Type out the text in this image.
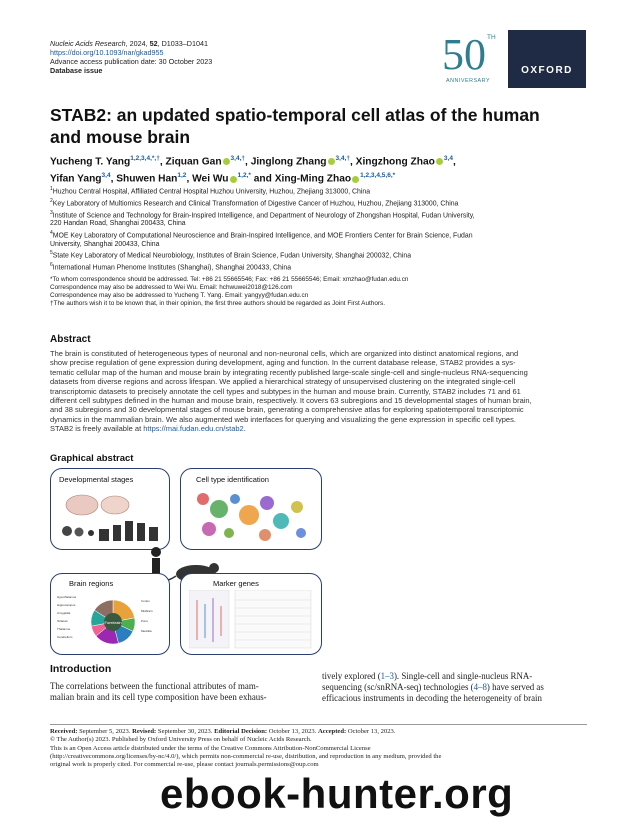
Nucleic Acids Research, 2024, 52, D1033–D1041
https://doi.org/10.1093/nar/gkad955
Advance access publication date: 30 October 2023
Database issue	50 TH
ANNIVERSARY
OXFORD
STAB2: an updated spatio-temporal cell atlas of the human
and mouse brain
Yucheng T. Yang$^{1,2,3,4,*,\dagger}$, Ziquan Gan $^{3,4,\dagger}$, Jinglong Zhang $^{3,4,\dagger}$, Xingzhong Zhao $^{3,4}$,
Yifan Yang$^{3,4}$, Shuwen Han$^{1,2}$, Wei Wu $^{1,2,*}$ and Xing-Ming Zhao $^{1,2,3,4,5,6,*}$
$^1$Huzhou Central Hospital, Affiliated Central Hospital Huzhou University, Huzhou, Zhejiang 313000, China
$^2$Key Laboratory of Multiomics Research and Clinical Transformation of Digestive Cancer of Huzhou, Huzhou, Zhejiang 313000, China
$^3$Institute of Science and Technology for Brain-Inspired Intelligence, and Department of Neurology of Zhongshan Hospital, Fudan University,
220 Handan Road, Shanghai 200433, China
$^4$MOE Key Laboratory of Computational Neuroscience and Brain-Inspired Intelligence, and MOE Frontiers Center for Brain Science, Fudan
University, Shanghai 200433, China
$^5$State Key Laboratory of Medical Neurobiology, Institutes of Brain Science, Fudan University, Shanghai 200032, China
$^6$International Human Phenome Institutes (Shanghai), Shanghai 200433, China
*To whom correspondence should be addressed. Tel: +86 21 55665546; Fax: +86 21 55665546; Email: xmzhao@fudan.edu.cn
Correspondence may also be addressed to Wei Wu. Email: hchwuwei2018@126.com
Correspondence may also be addressed to Yucheng T. Yang. Email: yangyy@fudan.edu.cn
†The authors wish it to be known that, in their opinion, the first three authors should be regarded as Joint First Authors.
Abstract
The brain is constituted of heterogeneous types of neuronal and non-neuronal cells, which are organized into distinct anatomical regions, and
show precise regulation of gene expression during development, aging and function. In the current database release, STAB2 provides a sys-
tematic cellular map of the human and mouse brain by integrating recently published large-scale single-cell and single-nucleus RNA-sequencing
datasets from diverse regions and across lifespan. We applied a hierarchical strategy of unsupervised clustering on the integrated single-cell
transcriptomic datasets to precisely annotate the cell types and subtypes in the human and mouse brain. Currently, STAB2 includes 71 and 61
different cell subtypes defined in the human and mouse brain, respectively. It covers 63 subregions and 15 developmental stages of human brain,
and 38 subregions and 30 developmental stages of mouse brain, generating a comprehensive atlas for exploring spatiotemporal transcriptomic
dynamics in the mammalian brain. We also augmented web interfaces for querying and visualizing the gene expression in specific cell types.
STAB2 is freely available at https://mai.fudan.edu.cn/stab2.
Graphical abstract
Developmental stages	Cell type identification
Brain regions
Forebrain
Hypothalamus
Hippocampus
Amygdala
Striatum
Thalamus
Cerebellum
Cortex
Midbrain
Pons
Medulla
Marker genes
Introduction
The correlations between the functional attributes of mam-
malian brain and its cell type composition have been exhaus-
tively explored (1–3). Single-cell and single-nucleus RNA-
sequencing (sc/snRNA-seq) technologies (4–8) have served as
efficacious instruments in decoding the heterogeneity of brain
Received: September 5, 2023. Revised: September 30, 2023. Editorial Decision: October 13, 2023. Accepted: October 13, 2023.
© The Author(s) 2023. Published by Oxford University Press on behalf of Nucleic Acids Research.
This is an Open Access article distributed under the terms of the Creative Commons Attribution-NonCommercial License
(http://creativecommons.org/licenses/by-nc/4.0/), which permits non-commercial re-use, distribution, and reproduction in any medium, provided the
original work is properly cited. For commercial re-use, please contact journals.permissions@oup.com
ebook-hunter.org
